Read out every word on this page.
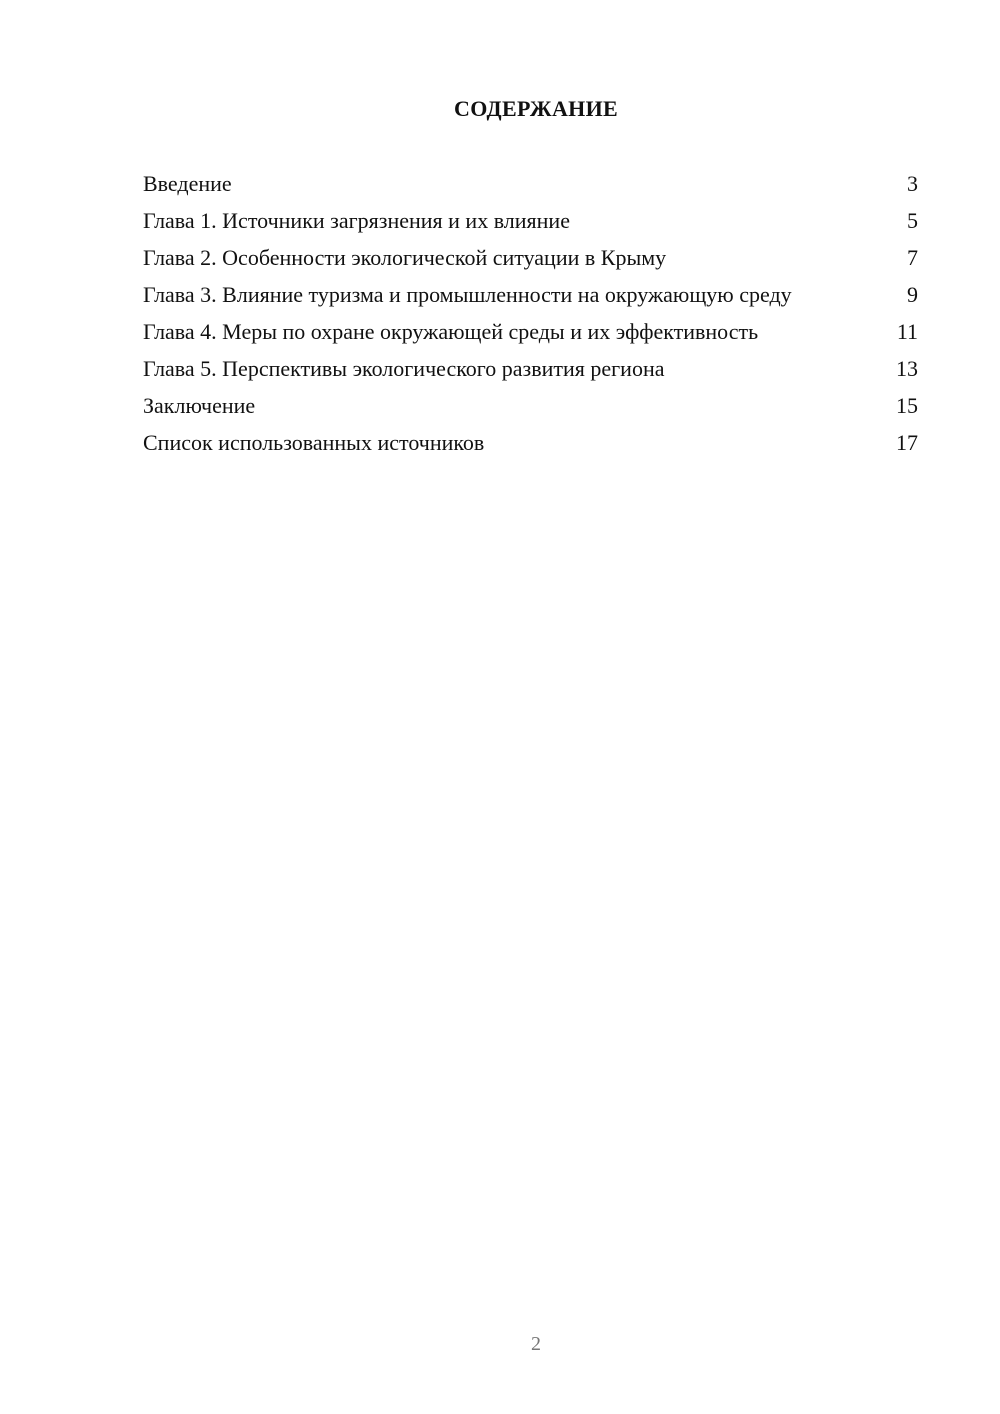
СОДЕРЖАНИЕ
Введение	3
Глава 1. Источники загрязнения и их влияние	5
Глава 2. Особенности экологической ситуации в Крыму	7
Глава 3. Влияние туризма и промышленности на окружающую среду	9
Глава 4. Меры по охране окружающей среды и их эффективность	11
Глава 5. Перспективы экологического развития региона	13
Заключение	15
Список использованных источников	17

2
